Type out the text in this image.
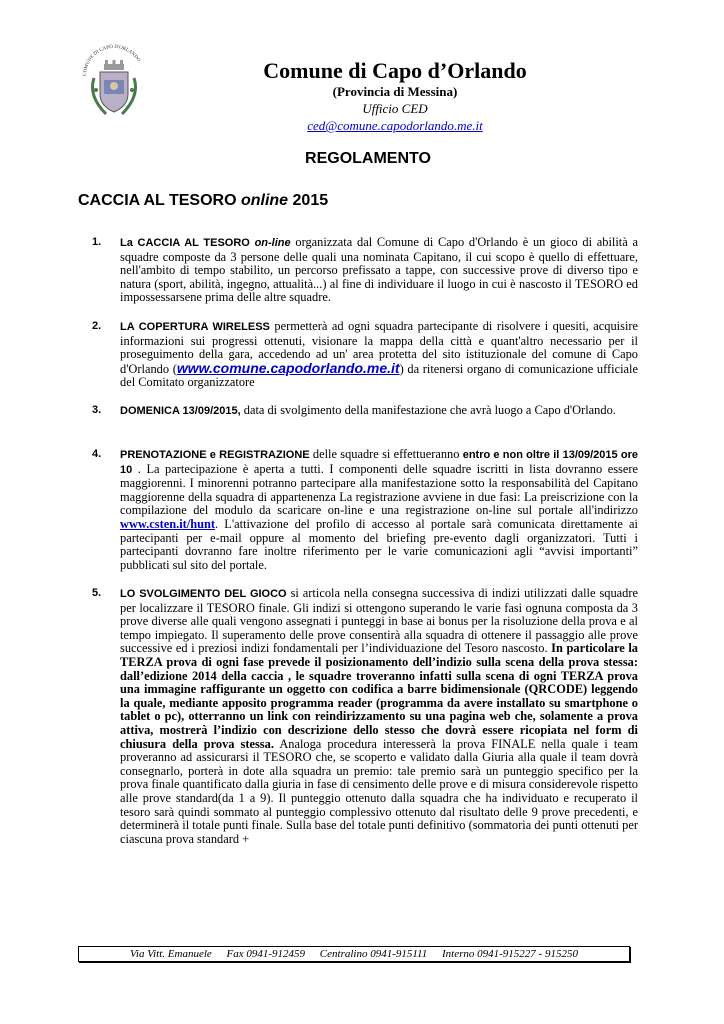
COMUNE DI CAPO D'ORLANDO	Comune di Capo d’Orlando
(Provincia di Messina)
Ufficio CED
ced@comune.capodorlando.me.it
REGOLAMENTO
CACCIA AL TESORO online 2015
1.	La CACCIA AL TESORO on-line organizzata dal Comune di Capo d'Orlando è un gioco di abilità a squadre composte da 3 persone delle quali una nominata Capitano, il cui scopo è quello di effettuare, nell'ambito di tempo stabilito, un percorso prefissato a tappe, con successive prove di diverso tipo e natura (sport, abilità, ingegno, attualità...) al fine di individuare il luogo in cui è nascosto il TESORO ed impossessarsene prima delle altre squadre.
2.	LA COPERTURA WIRELESS permetterà ad ogni squadra partecipante di risolvere i quesiti, acquisire informazioni sui progressi ottenuti, visionare la mappa della città e quant'altro necessario per il proseguimento della gara, accedendo ad un' area protetta del sito istituzionale del comune di Capo d'Orlando (www.comune.capodorlando.me.it) da ritenersi organo di comunicazione ufficiale del Comitato organizzatore
3.	DOMENICA 13/09/2015, data di svolgimento della manifestazione che avrà luogo a Capo d'Orlando.
4.	PRENOTAZIONE e REGISTRAZIONE delle squadre si effettueranno entro e non oltre il 13/09/2015 ore 10 . La partecipazione è aperta a tutti. I componenti delle squadre iscritti in lista dovranno essere maggiorenni. I minorenni potranno partecipare alla manifestazione sotto la responsabilità del Capitano maggiorenne della squadra di appartenenza La registrazione avviene in due fasi: La preiscrizione con la compilazione del modulo da scaricare on-line e una registrazione on-line sul portale all'indirizzo www.csten.it/hunt. L'attivazione del profilo di accesso al portale sarà comunicata direttamente ai partecipanti per e-mail oppure al momento del briefing pre-evento dagli organizzatori. Tutti i partecipanti dovranno fare inoltre riferimento per le varie comunicazioni agli “avvisi importanti” pubblicati sul sito del portale.
5.	LO SVOLGIMENTO DEL GIOCO si articola nella consegna successiva di indizi utilizzati dalle squadre per localizzare il TESORO finale. Gli indizi si ottengono superando le varie fasi ognuna composta da 3 prove diverse alle quali vengono assegnati i punteggi in base ai bonus per la risoluzione della prova e al tempo impiegato. Il superamento delle prove consentirà alla squadra di ottenere il passaggio alle prove successive ed i preziosi indizi fondamentali per l’individuazione del Tesoro nascosto. In particolare la TERZA prova di ogni fase prevede il posizionamento dell’indizio sulla scena della prova stessa: dall’edizione 2014 della caccia , le squadre troveranno infatti sulla scena di ogni TERZA prova una immagine raffigurante un oggetto con codifica a barre bidimensionale (QRCODE) leggendo la quale, mediante apposito programma reader (programma da avere installato su smartphone o tablet o pc), otterranno un link con reindirizzamento su una pagina web che, solamente a prova attiva, mostrerà l’indizio con descrizione dello stesso che dovrà essere ricopiata nel form di chiusura della prova stessa. Analoga procedura interesserà la prova FINALE nella quale i team proveranno ad assicurarsi il TESORO che, se scoperto e validato dalla Giuria alla quale il team dovrà consegnarlo, porterà in dote alla squadra un premio: tale premio sarà un punteggio specifico per la prova finale quantificato dalla giuria in fase di censimento delle prove e di misura considerevole rispetto alle prove standard(da 1 a 9). Il punteggio ottenuto dalla squadra che ha individuato e recuperato il tesoro sarà quindi sommato al punteggio complessivo ottenuto dal risultato delle 9 prove precedenti, e determinerà il totale punti finale. Sulla base del totale punti definitivo (sommatoria dei punti ottenuti per ciascuna prova standard +
Via Vitt. Emanuele Fax 0941-912459 Centralino 0941-915111 Interno 0941-915227 - 915250
